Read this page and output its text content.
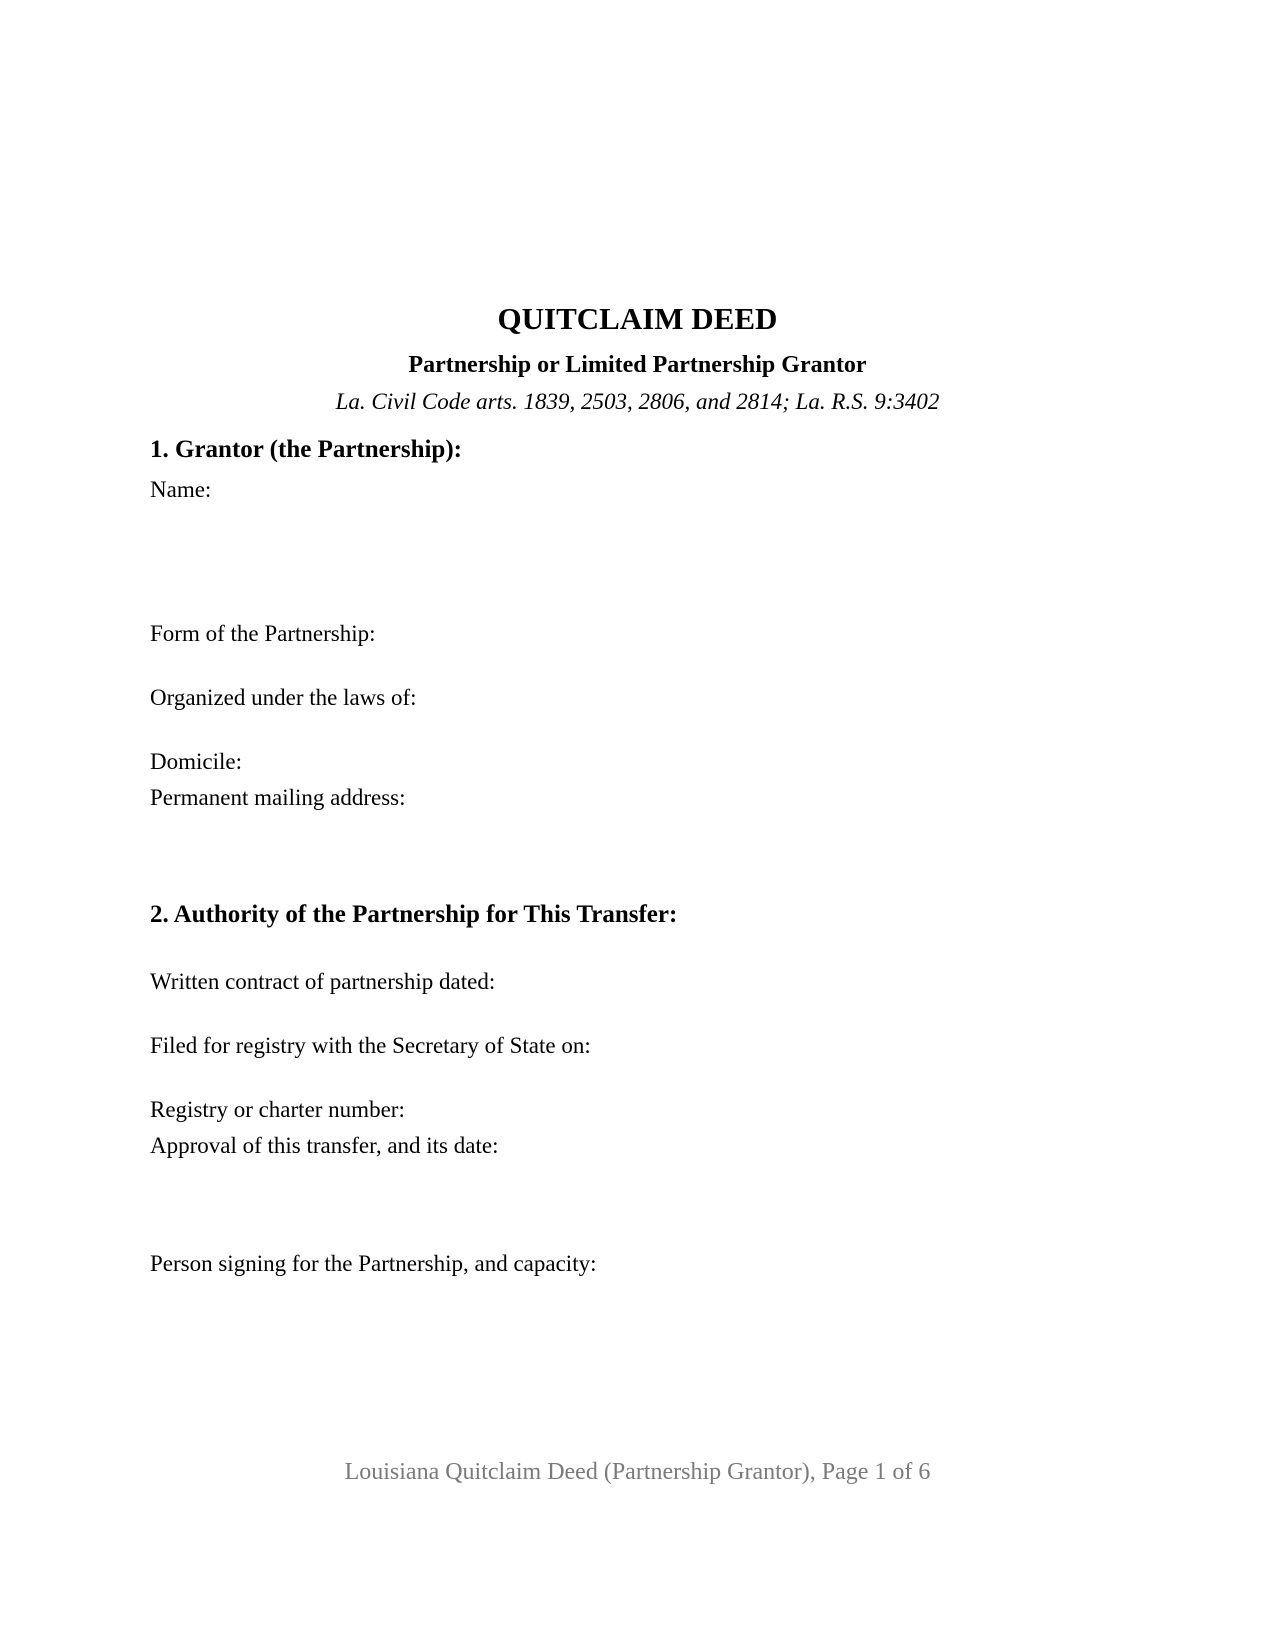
QUITCLAIM DEED
Partnership or Limited Partnership Grantor
La. Civil Code arts. 1839, 2503, 2806, and 2814; La. R.S. 9:3402
1. Grantor (the Partnership):
Name:
Form of the Partnership:
Organized under the laws of:
Domicile:
Permanent mailing address:
2. Authority of the Partnership for This Transfer:
Written contract of partnership dated:
Filed for registry with the Secretary of State on:
Registry or charter number:
Approval of this transfer, and its date:
Person signing for the Partnership, and capacity:
Louisiana Quitclaim Deed (Partnership Grantor), Page 1 of 6
